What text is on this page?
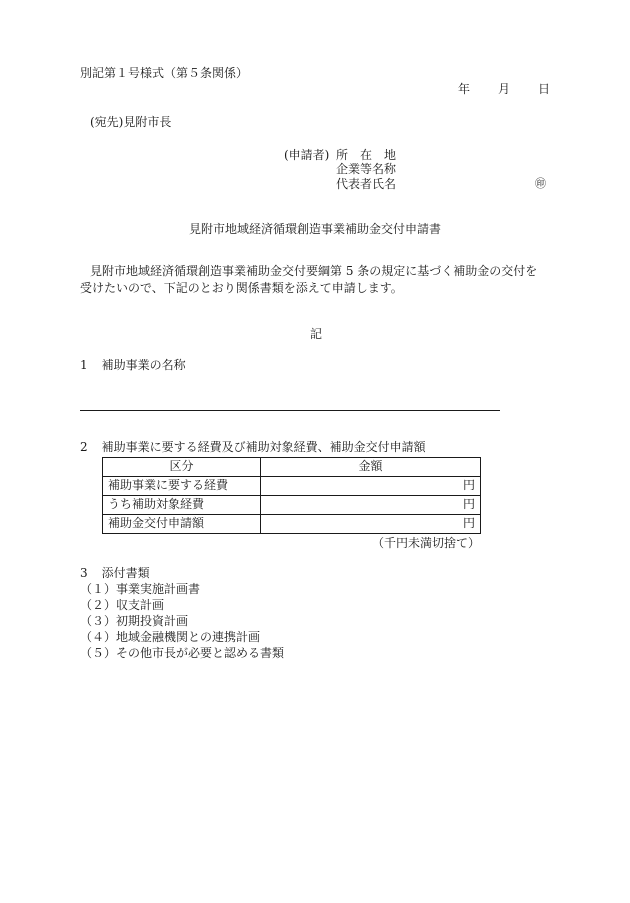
別記第１号様式（第５条関係）
年 月 日
(宛先)見附市長
(申請者) 所　在　地
企業等名称
代表者氏名	㊞
見附市地域経済循環創造事業補助金交付申請書
見附市地域経済循環創造事業補助金交付要綱第 5 条の規定に基づく補助金の交付を
受けたいので、下記のとおり関係書類を添えて申請します。
記
1 補助事業の名称
2 補助事業に要する経費及び補助対象経費、補助金交付申請額
区分	金額
補助事業に要する経費	円
うち補助対象経費	円
補助金交付申請額	円
（千円未満切捨て）
3 添付書類
（１）事業実施計画書
（２）収支計画
（３）初期投資計画
（４）地域金融機関との連携計画
（５）その他市長が必要と認める書類
